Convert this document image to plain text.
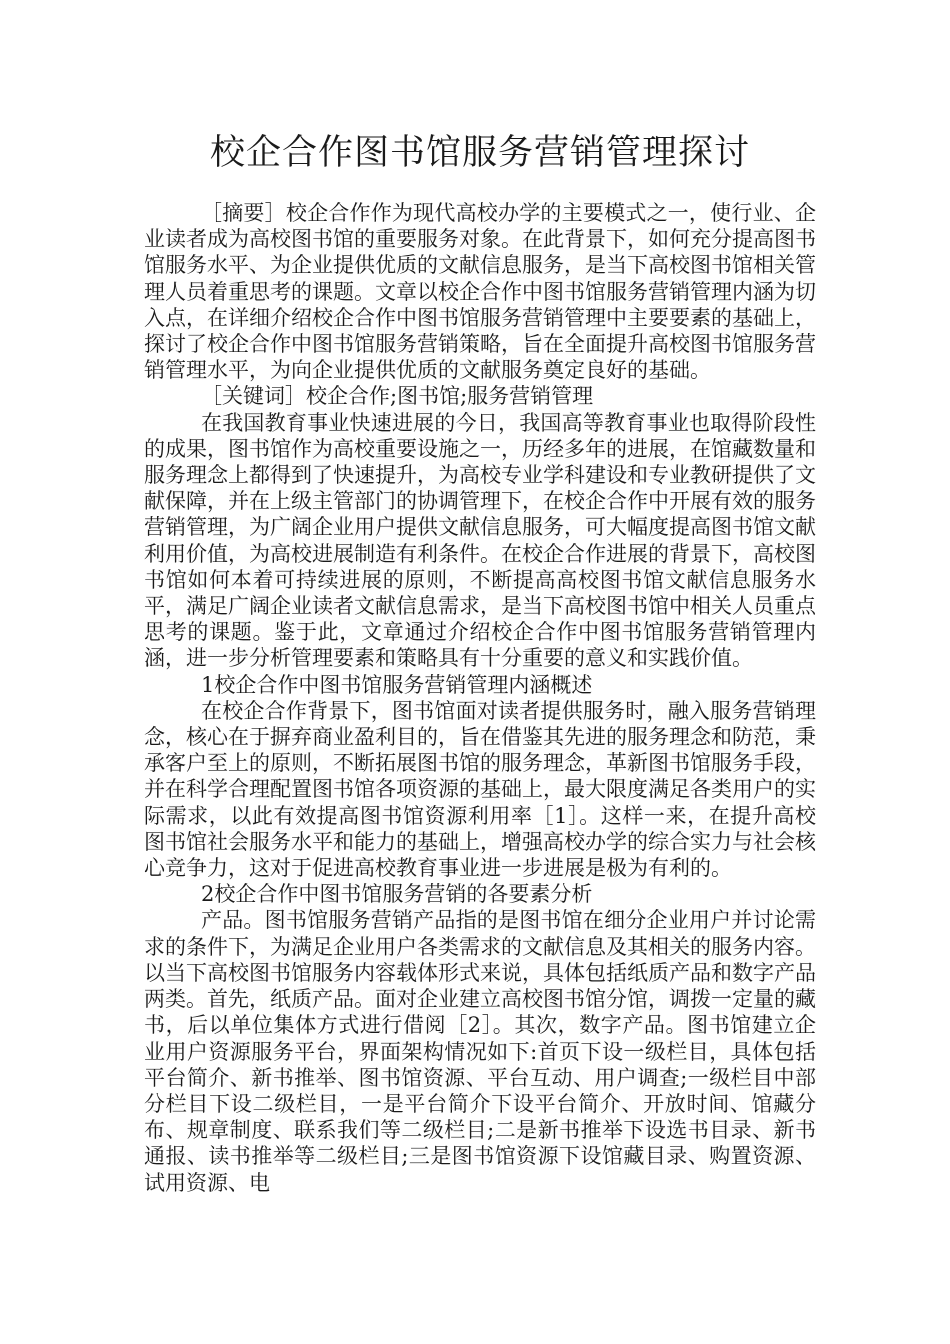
校企合作图书馆服务营销管理探讨

［摘要］校企合作作为现代高校办学的主要模式之一，使行业、企业读者成为高校图书馆的重要服务对象。在此背景下，如何充分提高图书馆服务水平、为企业提供优质的文献信息服务，是当下高校图书馆相关管理人员着重思考的课题。文章以校企合作中图书馆服务营销管理内涵为切入点，在详细介绍校企合作中图书馆服务营销管理中主要要素的基础上，探讨了校企合作中图书馆服务营销策略，旨在全面提升高校图书馆服务营销管理水平，为向企业提供优质的文献服务奠定良好的基础。

［关键词］校企合作;图书馆;服务营销管理

在我国教育事业快速进展的今日，我国高等教育事业也取得阶段性的成果，图书馆作为高校重要设施之一，历经多年的进展，在馆藏数量和服务理念上都得到了快速提升，为高校专业学科建设和专业教研提供了文献保障，并在上级主管部门的协调管理下，在校企合作中开展有效的服务营销管理，为广阔企业用户提供文献信息服务，可大幅度提高图书馆文献利用价值，为高校进展制造有利条件。在校企合作进展的背景下，高校图书馆如何本着可持续进展的原则，不断提高高校图书馆文献信息服务水平，满足广阔企业读者文献信息需求，是当下高校图书馆中相关人员重点思考的课题。鉴于此，文章通过介绍校企合作中图书馆服务营销管理内涵，进一步分析管理要素和策略具有十分重要的意义和实践价值。

1校企合作中图书馆服务营销管理内涵概述

在校企合作背景下，图书馆面对读者提供服务时，融入服务营销理念，核心在于摒弃商业盈利目的，旨在借鉴其先进的服务理念和防范，秉承客户至上的原则，不断拓展图书馆的服务理念，革新图书馆服务手段，并在科学合理配置图书馆各项资源的基础上，最大限度满足各类用户的实际需求，以此有效提高图书馆资源利用率［1］。这样一来，在提升高校图书馆社会服务水平和能力的基础上，增强高校办学的综合实力与社会核心竞争力，这对于促进高校教育事业进一步进展是极为有利的。

2校企合作中图书馆服务营销的各要素分析

产品。图书馆服务营销产品指的是图书馆在细分企业用户并讨论需求的条件下，为满足企业用户各类需求的文献信息及其相关的服务内容。以当下高校图书馆服务内容载体形式来说，具体包括纸质产品和数字产品两类。首先，纸质产品。面对企业建立高校图书馆分馆，调拨一定量的藏书，后以单位集体方式进行借阅［2］。其次，数字产品。图书馆建立企业用户资源服务平台，界面架构情况如下:首页下设一级栏目，具体包括平台简介、新书推举、图书馆资源、平台互动、用户调查;一级栏目中部分栏目下设二级栏目，一是平台简介下设平台简介、开放时间、馆藏分布、规章制度、联系我们等二级栏目;二是新书推举下设选书目录、新书通报、读书推举等二级栏目;三是图书馆资源下设馆藏目录、购置资源、试用资源、电
